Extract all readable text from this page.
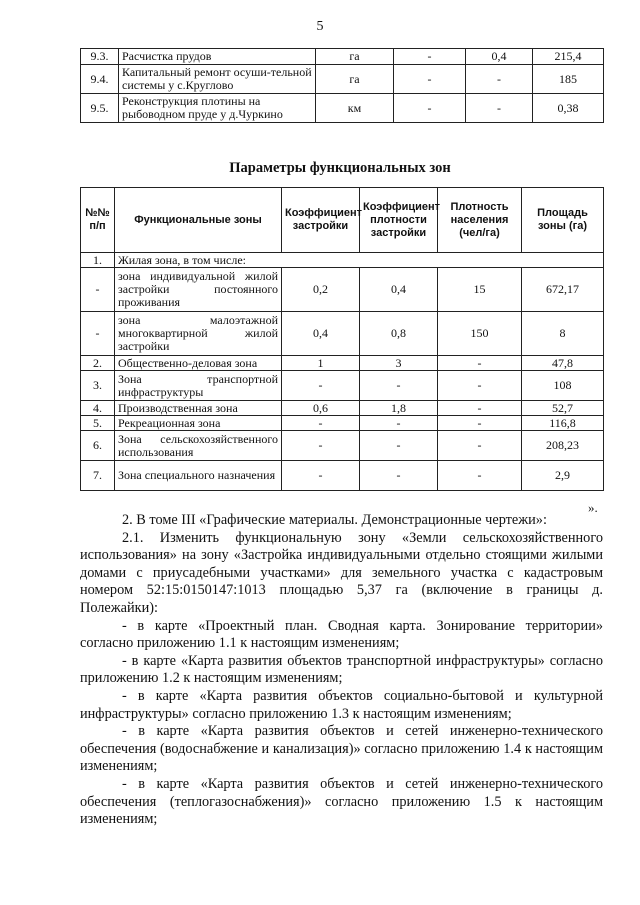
5
9.3.	Расчистка прудов	га	-	0,4	215,4
9.4.	Капитальный ремонт осуши-тельной системы у с.Круглово	га	-	-	185
9.5.	Реконструкция плотины на рыбоводном пруде у д.Чуркино	км	-	-	0,38
Параметры функциональных зон
№№ п/п	Функциональные зоны	Коэффициент застройки	Коэффициент плотности застройки	Плотность населения (чел/га)	Площадь зоны (га)
1.	Жилая зона, в том числе:				
-	зона индивидуальной жилой застройки постоянного проживания	0,2	0,4	15	672,17
-	зона малоэтажной многоквартирной жилой застройки	0,4	0,8	150	8
2.	Общественно-деловая зона	1	3	-	47,8
3.	Зона транспортной инфраструктуры	-	-	-	108
4.	Производственная зона	0,6	1,8	-	52,7
5.	Рекреационная зона	-	-	-	116,8
6.	Зона сельскохозяйственного использования	-	-	-	208,23
7.	Зона специального назначения	-	-	-	2,9
».

2. В томе III «Графические материалы. Демонстрационные чертежи»:

2.1. Изменить функциональную зону «Земли сельскохозяйственного использования» на зону «Застройка индивидуальными отдельно стоящими жилыми домами с приусадебными участками» для земельного участка с кадастровым номером 52:15:0150147:1013 площадью 5,37 га (включение в границы д. Полежайки):

- в карте «Проектный план. Сводная карта. Зонирование территории» согласно приложению 1.1 к настоящим изменениям;

- в карте «Карта развития объектов транспортной инфраструктуры» согласно приложению 1.2 к настоящим изменениям;

- в карте «Карта развития объектов социально-бытовой и культурной инфраструктуры» согласно приложению 1.3 к настоящим изменениям;

- в карте «Карта развития объектов и сетей инженерно-технического обеспечения (водоснабжение и канализация)» согласно приложению 1.4 к настоящим изменениям;

- в карте «Карта развития объектов и сетей инженерно-технического обеспечения (теплогазоснабжения)» согласно приложению 1.5 к настоящим изменениям;
